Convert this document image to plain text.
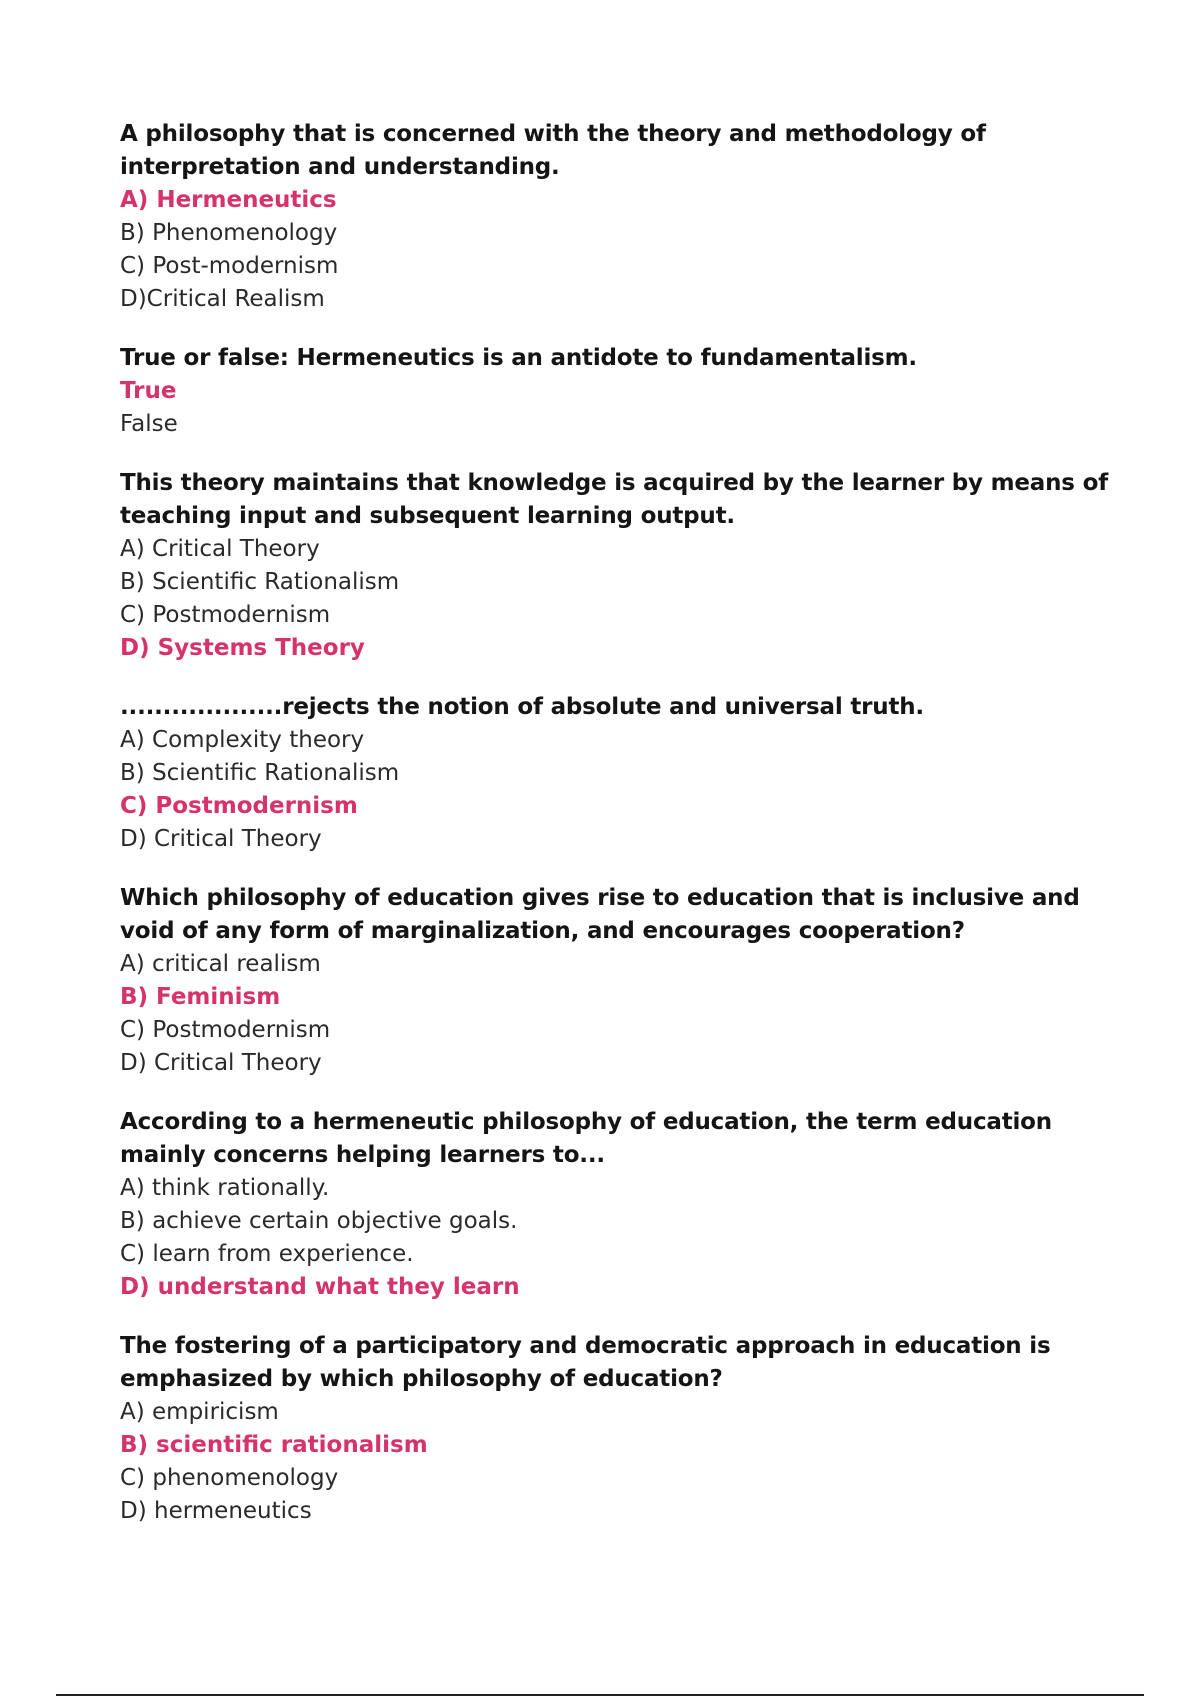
A philosophy that is concerned with the theory and methodology of interpretation and understanding.

A) Hermeneutics

B) Phenomenology

C) Post-modernism

D)Critical Realism

True or false: Hermeneutics is an antidote to fundamentalism.

True

False

This theory maintains that knowledge is acquired by the learner by means of teaching input and subsequent learning output.

A) Critical Theory

B) Scientific Rationalism

C) Postmodernism

D) Systems Theory

...................rejects the notion of absolute and universal truth.

A) Complexity theory

B) Scientific Rationalism

C) Postmodernism

D) Critical Theory

Which philosophy of education gives rise to education that is inclusive and void of any form of marginalization, and encourages cooperation?

A) critical realism

B) Feminism

C) Postmodernism

D) Critical Theory

According to a hermeneutic philosophy of education, the term education mainly concerns helping learners to...

A) think rationally.

B) achieve certain objective goals.

C) learn from experience.

D) understand what they learn

The fostering of a participatory and democratic approach in education is emphasized by which philosophy of education?

A) empiricism

B) scientific rationalism

C) phenomenology

D) hermeneutics
